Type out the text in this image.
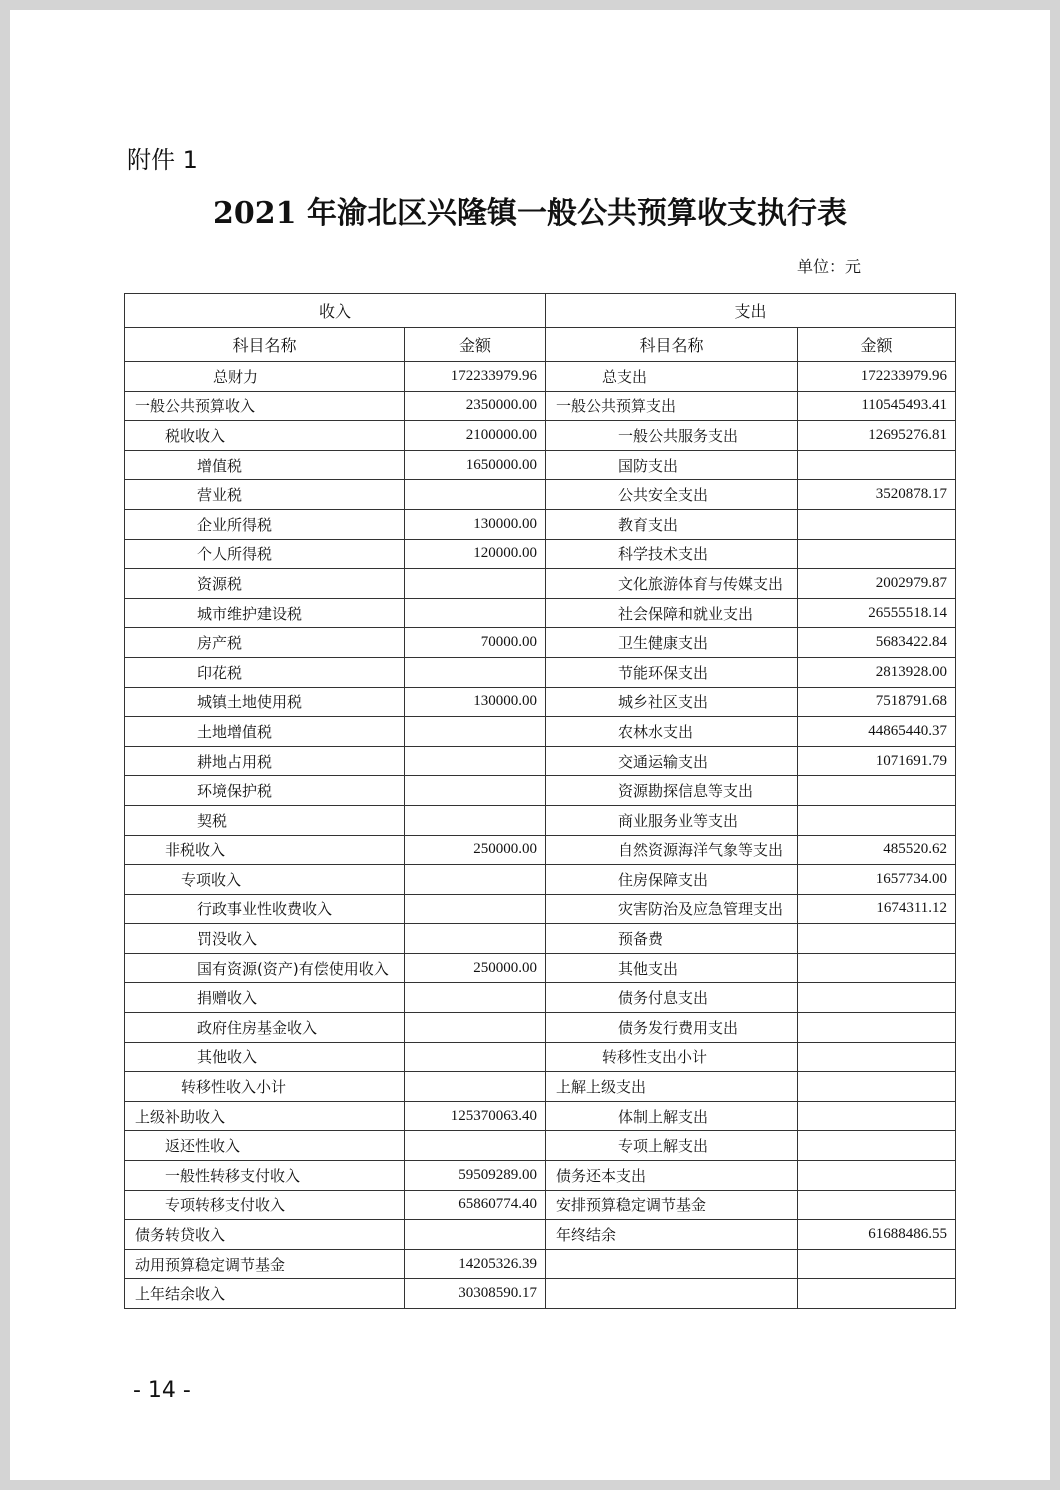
附件 1
2021 年渝北区兴隆镇一般公共预算收支执行表
单位：元
收入		支出	
科目名称	金额	科目名称	金额
总财力	172233979.96	总支出	172233979.96
一般公共预算收入	2350000.00	一般公共预算支出	110545493.41
税收收入	2100000.00	一般公共服务支出	12695276.81
增值税	1650000.00	国防支出	
营业税		公共安全支出	3520878.17
企业所得税	130000.00	教育支出	
个人所得税	120000.00	科学技术支出	
资源税		文化旅游体育与传媒支出	2002979.87
城市维护建设税		社会保障和就业支出	26555518.14
房产税	70000.00	卫生健康支出	5683422.84
印花税		节能环保支出	2813928.00
城镇土地使用税	130000.00	城乡社区支出	7518791.68
土地增值税		农林水支出	44865440.37
耕地占用税		交通运输支出	1071691.79
环境保护税		资源勘探信息等支出	
契税		商业服务业等支出	
非税收入	250000.00	自然资源海洋气象等支出	485520.62
专项收入		住房保障支出	1657734.00
行政事业性收费收入		灾害防治及应急管理支出	1674311.12
罚没收入		预备费	
国有资源(资产)有偿使用收入	250000.00	其他支出	
捐赠收入		债务付息支出	
政府住房基金收入		债务发行费用支出	
其他收入		转移性支出小计	
转移性收入小计		上解上级支出	
上级补助收入	125370063.40	体制上解支出	
返还性收入		专项上解支出	
一般性转移支付收入	59509289.00	债务还本支出	
专项转移支付收入	65860774.40	安排预算稳定调节基金	
债务转贷收入		年终结余	61688486.55
动用预算稳定调节基金	14205326.39		
上年结余收入	30308590.17		
- 14 -
